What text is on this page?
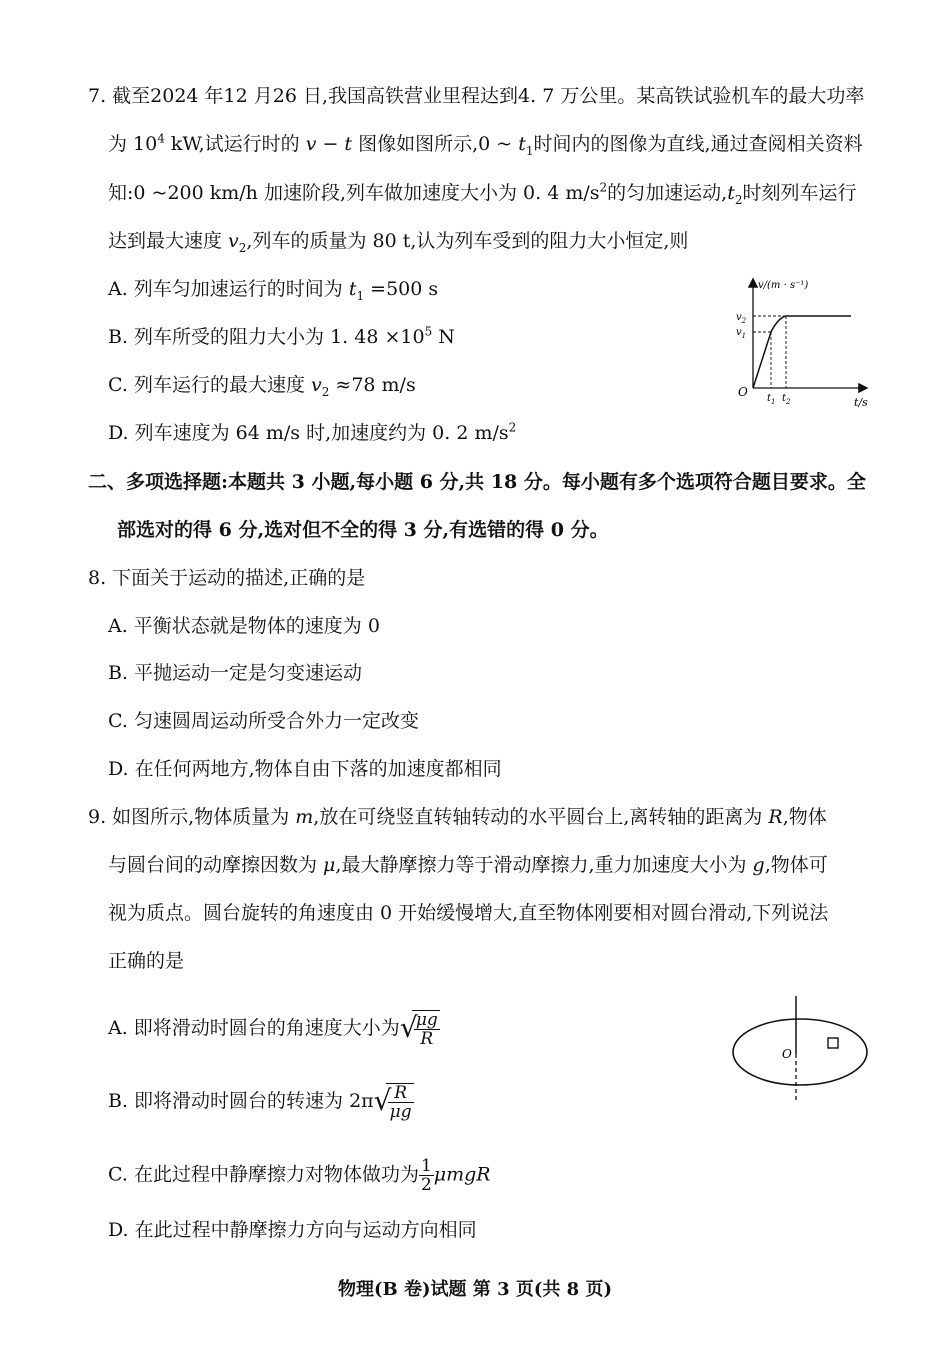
7. 截至2024 年12 月26 日,我国高铁营业里程达到4. 7 万公里。某高铁试验机车的最大功率
为 $10^4$ kW,试运行时的 v − t 图像如图所示,0 ~ $t_1$时间内的图像为直线,通过查阅相关资料
知:0 ~200 km/h 加速阶段,列车做加速度大小为 0. 4 $m/s^2$的匀加速运动$,t_2$时刻列车运行
达到最大速度 $v_2$,列车的质量为 80 t,认为列车受到的阻力大小恒定,则
A. 列车匀加速运行的时间为 $t_1 =500$ s
B. 列车所受的阻力大小为 1. $48 \times 10^5$ N
C. 列车运行的最大速度 $v_2 \approx 78$ m/s
D. 列车速度为 64 m/s 时,加速度约为 0. 2 $m/s^2$
v/(m · s⁻¹)
t/s
O
$v_2$
$v_1$
$t_1$ $t_2$
二、多项选择题:本题共 3 小题,每小题 6 分,共 18 分。每小题有多个选项符合题目要求。全
部选对的得 6 分,选对但不全的得 3 分,有选错的得 0 分。
8. 下面关于运动的描述,正确的是
A. 平衡状态就是物体的速度为 0
B. 平抛运动一定是匀变速运动
C. 匀速圆周运动所受合外力一定改变
D. 在任何两地方,物体自由下落的加速度都相同
9. 如图所示,物体质量为 m,放在可绕竖直转轴转动的水平圆台上,离转轴的距离为 R,物体
与圆台间的动摩擦因数为 μ,最大静摩擦力等于滑动摩擦力,重力加速度大小为 g,物体可
视为质点。圆台旋转的角速度由 0 开始缓慢增大,直至物体刚要相对圆台滑动,下列说法
正确的是
A. 即将滑动时圆台的角速度大小为 √
$\frac{\mu g}{R}$
B. 即将滑动时圆台的转速为 2π √
$\frac{R}{\mu g}$
C. 在此过程中静摩擦力对物体做功为 $\frac{1}{2}$ μmgR
D. 在此过程中静摩擦力方向与运动方向相同
O
物理(B 卷)试题 第 3 页(共 8 页)
